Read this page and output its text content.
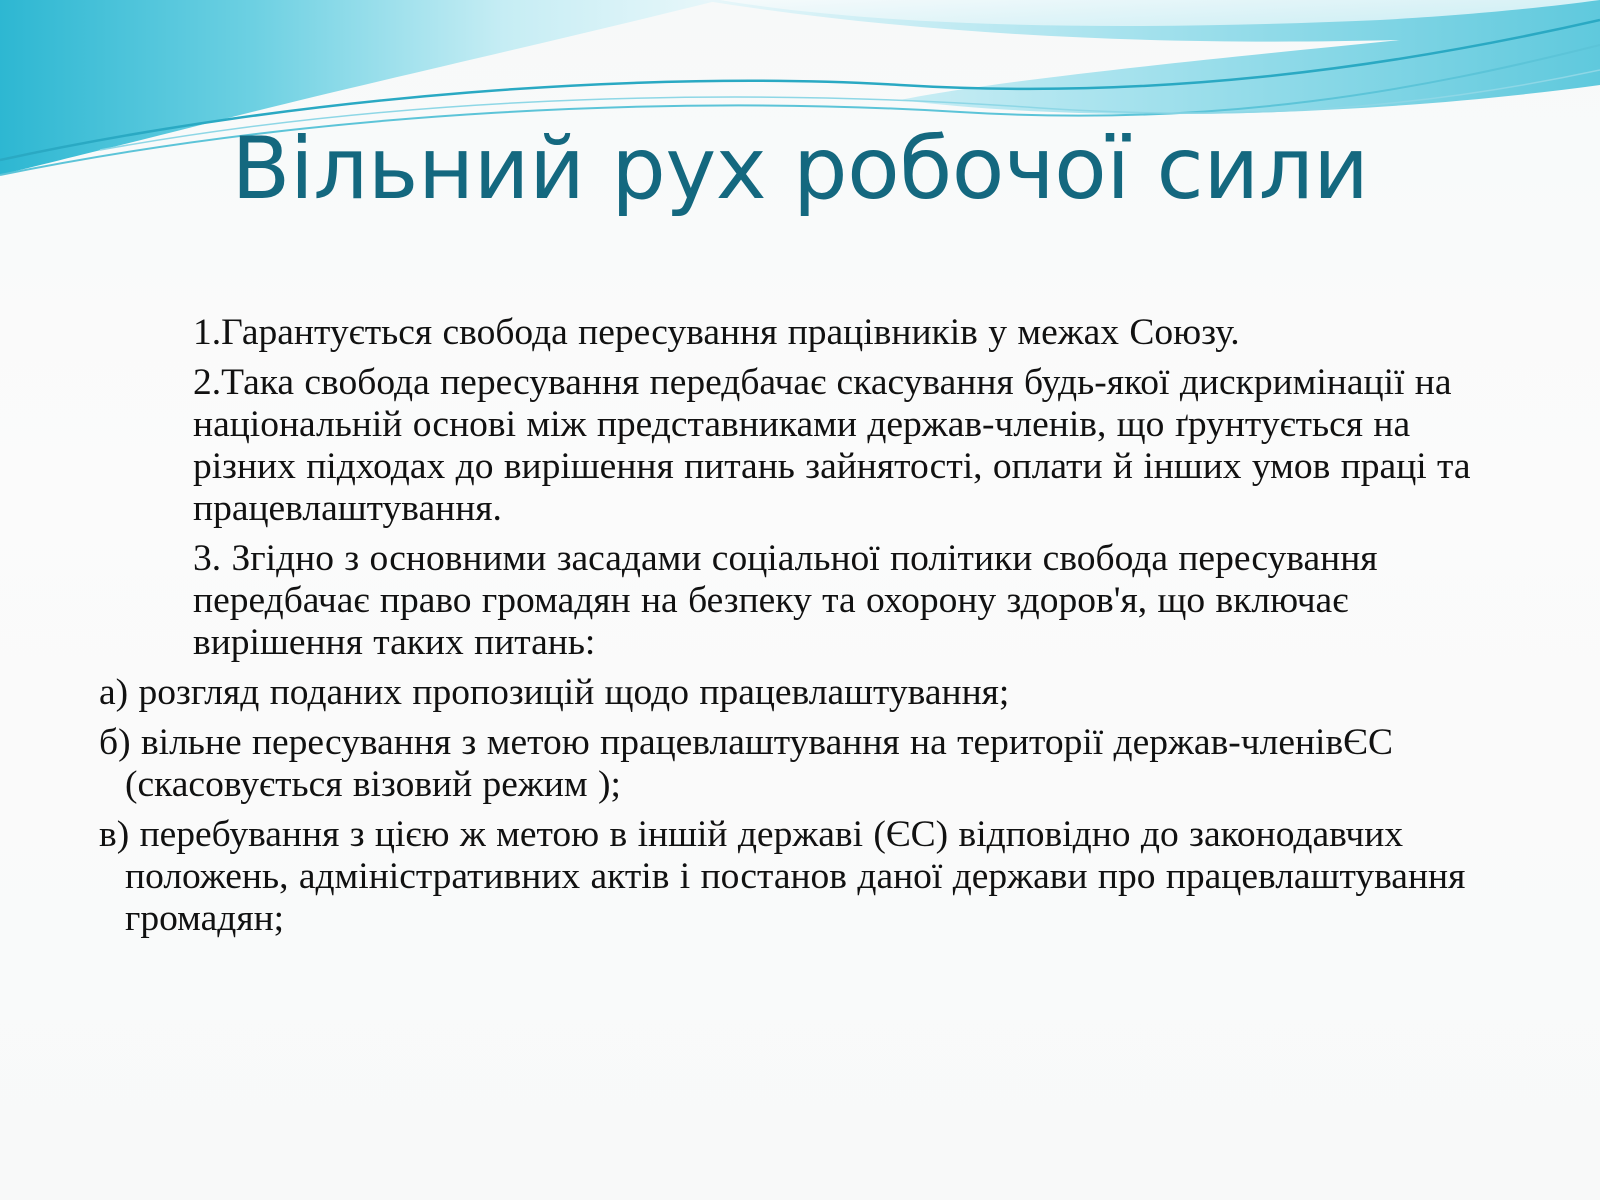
Вільний рух робочої сили

1.Гарантується свобода пересування працівників у межах Союзу.

2.Така свобода пересування передбачає скасування будь-якої дискримінації на національній основі між представниками держав-членів, що ґрунтується на різних підходах до вирішення питань зайнятості, оплати й інших умов праці та працевлаштування.

3. Згідно з основними засадами соціальної політики свобода пересування передбачає право громадян на безпеку та охорону здоров'я, що включає вирішення таких питань:

а) розгляд поданих пропозицій щодо працевлаштування;

б) вільне пересування з метою працевлаштування на території держав-членівЄС (скасовується візовий режим );

в) перебування з цією ж метою в іншій державі (ЄС) відповідно до законодавчих положень, адміністративних актів і постанов даної держави про працевлаштування громадян;
